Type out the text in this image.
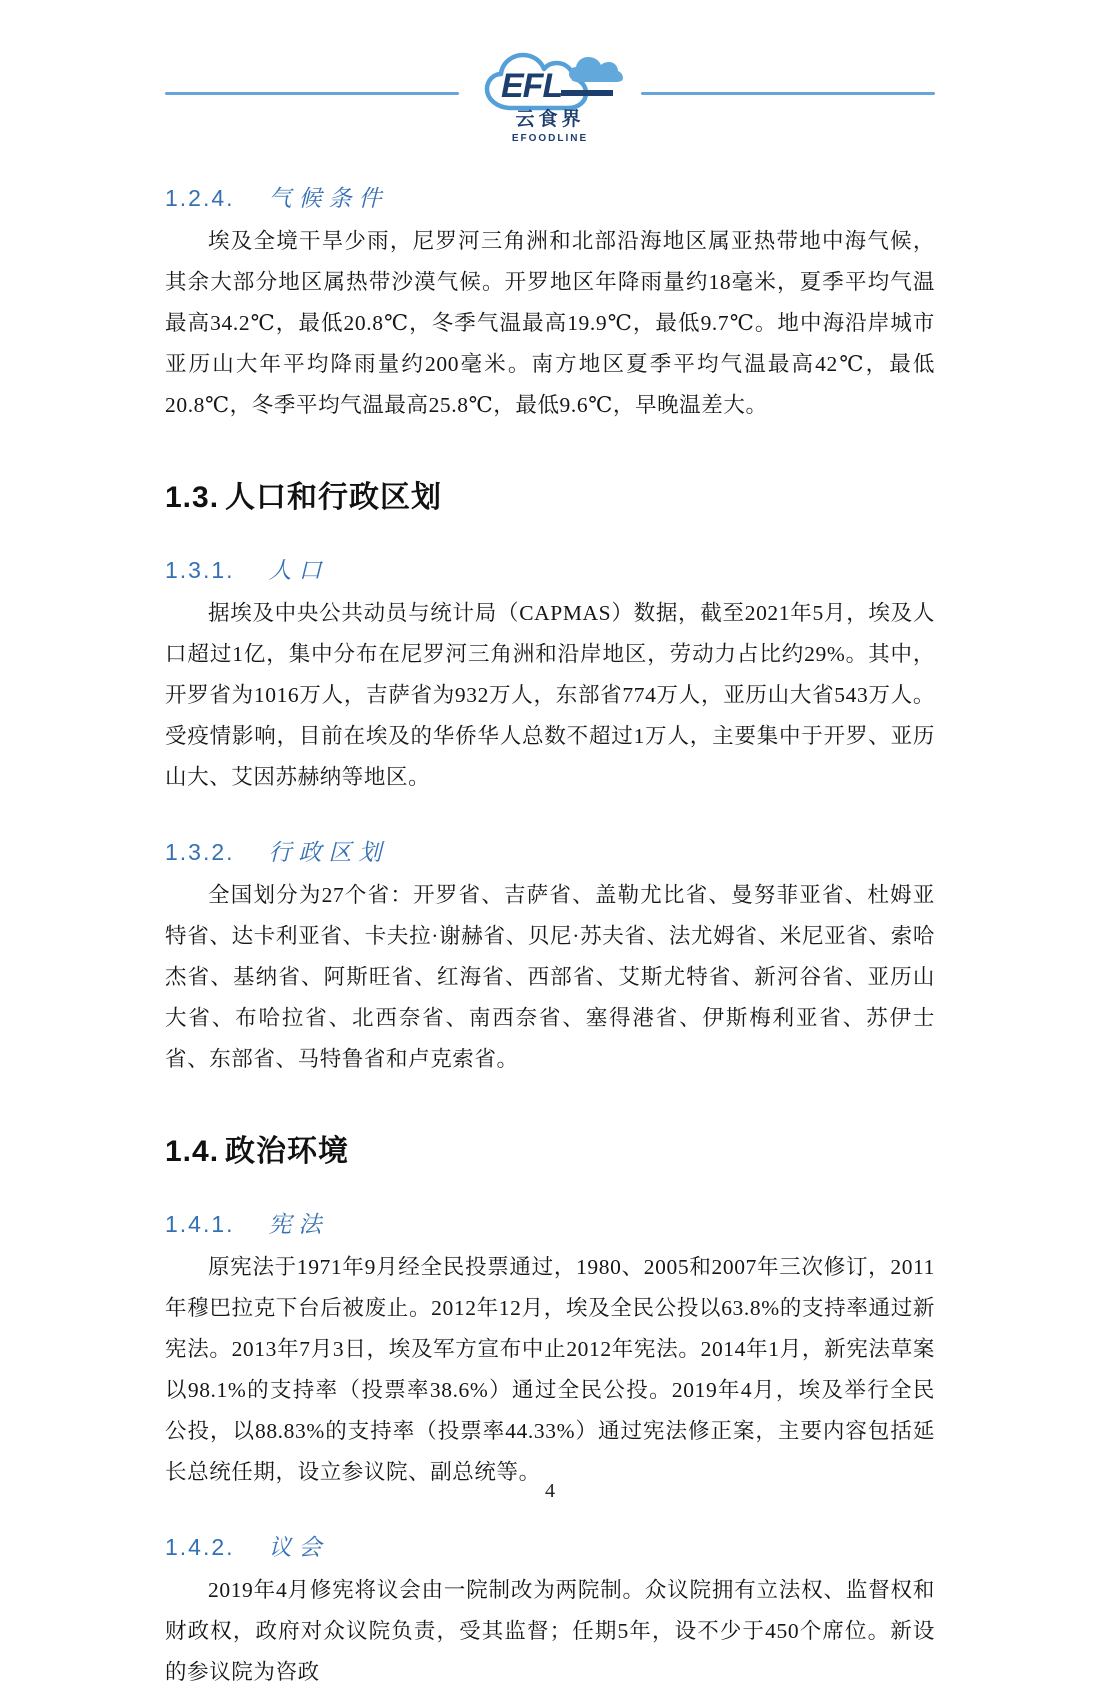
EFL
云食界
EFOODLINE
1.2.4. 气候条件

埃及全境干旱少雨，尼罗河三角洲和北部沿海地区属亚热带地中海气候，其余大部分地区属热带沙漠气候。开罗地区年降雨量约18毫米，夏季平均气温最高34.2℃，最低20.8℃，冬季气温最高19.9℃，最低9.7℃。地中海沿岸城市亚历山大年平均降雨量约200毫米。南方地区夏季平均气温最高42℃，最低20.8℃，冬季平均气温最高25.8℃，最低9.6℃，早晚温差大。

1.3. 人口和行政区划
1.3.1. 人口

据埃及中央公共动员与统计局（CAPMAS）数据，截至2021年5月，埃及人口超过1亿，集中分布在尼罗河三角洲和沿岸地区，劳动力占比约29%。其中，开罗省为1016万人，吉萨省为932万人，东部省774万人，亚历山大省543万人。受疫情影响，目前在埃及的华侨华人总数不超过1万人，主要集中于开罗、亚历山大、艾因苏赫纳等地区。

1.3.2. 行政区划

全国划分为27个省：开罗省、吉萨省、盖勒尤比省、曼努菲亚省、杜姆亚特省、达卡利亚省、卡夫拉·谢赫省、贝尼·苏夫省、法尤姆省、米尼亚省、索哈杰省、基纳省、阿斯旺省、红海省、西部省、艾斯尤特省、新河谷省、亚历山大省、布哈拉省、北西奈省、南西奈省、塞得港省、伊斯梅利亚省、苏伊士省、东部省、马特鲁省和卢克索省。

1.4. 政治环境
1.4.1. 宪法

原宪法于1971年9月经全民投票通过，1980、2005和2007年三次修订，2011年穆巴拉克下台后被废止。2012年12月，埃及全民公投以63.8%的支持率通过新宪法。2013年7月3日，埃及军方宣布中止2012年宪法。2014年1月，新宪法草案以98.1%的支持率（投票率38.6%）通过全民公投。2019年4月，埃及举行全民公投，以88.83%的支持率（投票率44.33%）通过宪法修正案，主要内容包括延长总统任期，设立参议院、副总统等。

1.4.2. 议会

2019年4月修宪将议会由一院制改为两院制。众议院拥有立法权、监督权和财政权，政府对众议院负责，受其监督；任期5年，设不少于450个席位。新设的参议院为咨政

4
